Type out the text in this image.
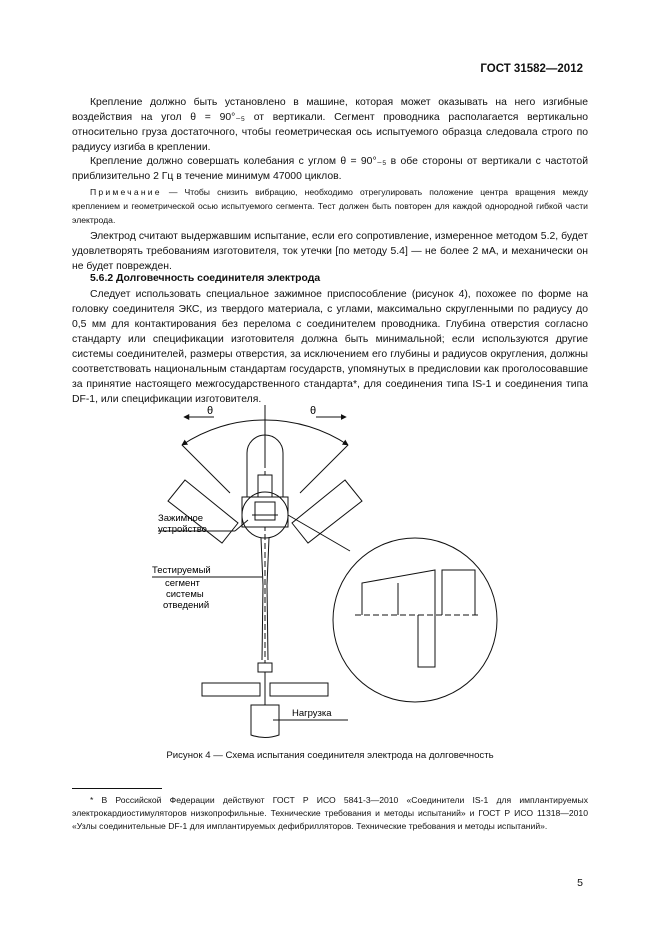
ГОСТ 31582—2012

Крепление должно быть установлено в машине, которая может оказывать на него изгибные воздействия на угол θ = 90°₋₅ от вертикали. Сегмент проводника располагается вертикально относительно груза достаточного, чтобы геометрическая ось испытуемого образца следовала строго по радиусу изгиба в креплении.

Крепление должно совершать колебания с углом θ = 90°₋₅ в обе стороны от вертикали с частотой приблизительно 2 Гц в течение минимум 47000 циклов.

Примечание — Чтобы снизить вибрацию, необходимо отрегулировать положение центра вращения между креплением и геометрической осью испытуемого сегмента. Тест должен быть повторен для каждой однородной гибкой части электрода.

Электрод считают выдержавшим испытание, если его сопротивление, измеренное методом 5.2, будет удовлетворять требованиям изготовителя, ток утечки [по методу 5.4] — не более 2 мА, и механически он не будет поврежден.

5.6.2 Долговечность соединителя электрода

Следует использовать специальное зажимное приспособление (рисунок 4), похожее по форме на головку соединителя ЭКС, из твердого материала, с углами, максимально скругленными по радиусу до 0,5 мм для контактирования без перелома с соединителем проводника. Глубина отверстия согласно стандарту или спецификации изготовителя должна быть минимальной; если используются другие системы соединителей, размеры отверстия, за исключением его глубины и радиусов округления, должны соответствовать национальным стандартам государств, упомянутых в предисловии как проголосовавшие за принятие настоящего межгосударственного стандарта*, для соединения типа IS-1 и соединения типа DF-1, или спецификации изготовителя.

θ	θ
Зажимное
устройство
Тестируемый
сегмент
системы
отведений
Нагрузка
Рисунок 4 — Схема испытания соединителя электрода на долговечность

* В Российской Федерации действуют ГОСТ Р ИСО 5841-3—2010 «Соединители IS-1 для имплантируемых электрокардиостимуляторов низкопрофильные. Технические требования и методы испытаний» и ГОСТ Р ИСО 11318—2010 «Узлы соединительные DF-1 для имплантируемых дефибрилляторов. Технические требования и методы испытаний».

5
